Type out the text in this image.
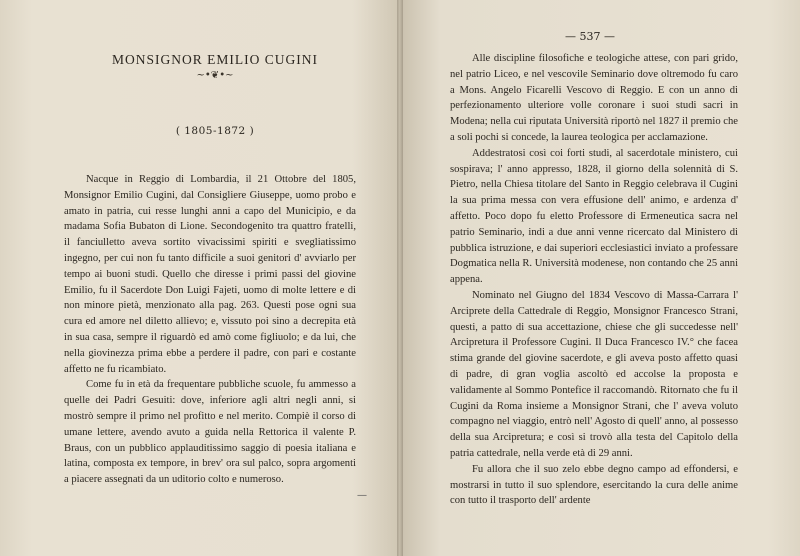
MONSIGNOR EMILIO CUGINI
~•❦•~
( 1805-1872 )

Nacque in Reggio di Lombardia, il 21 Ottobre del 1805, Monsignor Emilio Cugini, dal Consigliere Giuseppe, uomo probo e amato in patria, cui resse lunghi anni a capo del Municipio, e da madama Sofia Bubaton di Lione. Secondogenito tra quattro fratelli, il fanciulletto aveva sortito vivacissimi spiriti e svegliatissimo ingegno, per cui non fu tanto difficile a suoi genitori d' avviarlo per tempo ai buoni studi. Quello che diresse i primi passi del giovine Emilio, fu il Sacerdote Don Luigi Fajeti, uomo di molte lettere e di non minore pietà, menzionato alla pag. 263. Questi pose ogni sua cura ed amore nel diletto allievo; e, vissuto poi sino a decrepita età in sua casa, sempre il riguardò ed amò come figliuolo; e da lui, che nella giovinezza prima ebbe a perdere il padre, con pari e costante affetto ne fu ricambiato.

Come fu in età da frequentare pubbliche scuole, fu ammesso a quelle dei Padri Gesuiti: dove, inferiore agli altri negli anni, si mostrò sempre il primo nel profitto e nel merito. Compiè il corso di umane lettere, avendo avuto a guida nella Rettorica il valente P. Braus, con un pubblico applauditissimo saggio di poesia italiana e latina, composta ex tempore, in brev' ora sul palco, sopra argomenti a piacere assegnati da un uditorio colto e numeroso.

—
— 537 —

Alle discipline filosofiche e teologiche attese, con pari grido, nel patrio Liceo, e nel vescovile Seminario dove oltremodo fu caro a Mons. Angelo Ficarelli Vescovo di Reggio. E con un anno di perfezionamento ulteriore volle coronare i suoi studi sacri in Modena; nella cui riputata Università riportò nel 1827 il premio che a soli pochi si concede, la laurea teologica per acclamazione.

Addestratosi così coi forti studi, al sacerdotale ministero, cui sospirava; l' anno appresso, 1828, il giorno della solennità di S. Pietro, nella Chiesa titolare del Santo in Reggio celebrava il Cugini la sua prima messa con vera effusione dell' animo, e ardenza d' affetto. Poco dopo fu eletto Professore di Ermeneutica sacra nel patrio Seminario, indi a due anni venne ricercato dal Ministero di pubblica istruzione, e dai superiori ecclesiastici inviato a professare Dogmatica nella R. Università modenese, non contando che 25 anni appena.

Nominato nel Giugno del 1834 Vescovo di Massa-Carrara l' Arciprete della Cattedrale di Reggio, Monsignor Francesco Strani, questi, a patto di sua accettazione, chiese che gli succedesse nell' Arcipretura il Professore Cugini. Il Duca Francesco IV.° che facea stima grande del giovine sacerdote, e gli aveva posto affetto quasi di padre, di gran voglia ascoltò ed accolse la proposta e validamente al Sommo Pontefice il raccomandò. Ritornato che fu il Cugini da Roma insieme a Monsignor Strani, che l' aveva voluto compagno nel viaggio, entrò nell' Agosto di quell' anno, al possesso della sua Arcipretura; e così si trovò alla testa del Capitolo della patria cattedrale, nella verde età di 29 anni.

Fu allora che il suo zelo ebbe degno campo ad effondersi, e mostrarsi in tutto il suo splendore, esercitando la cura delle anime con tutto il trasporto dell' ardente
